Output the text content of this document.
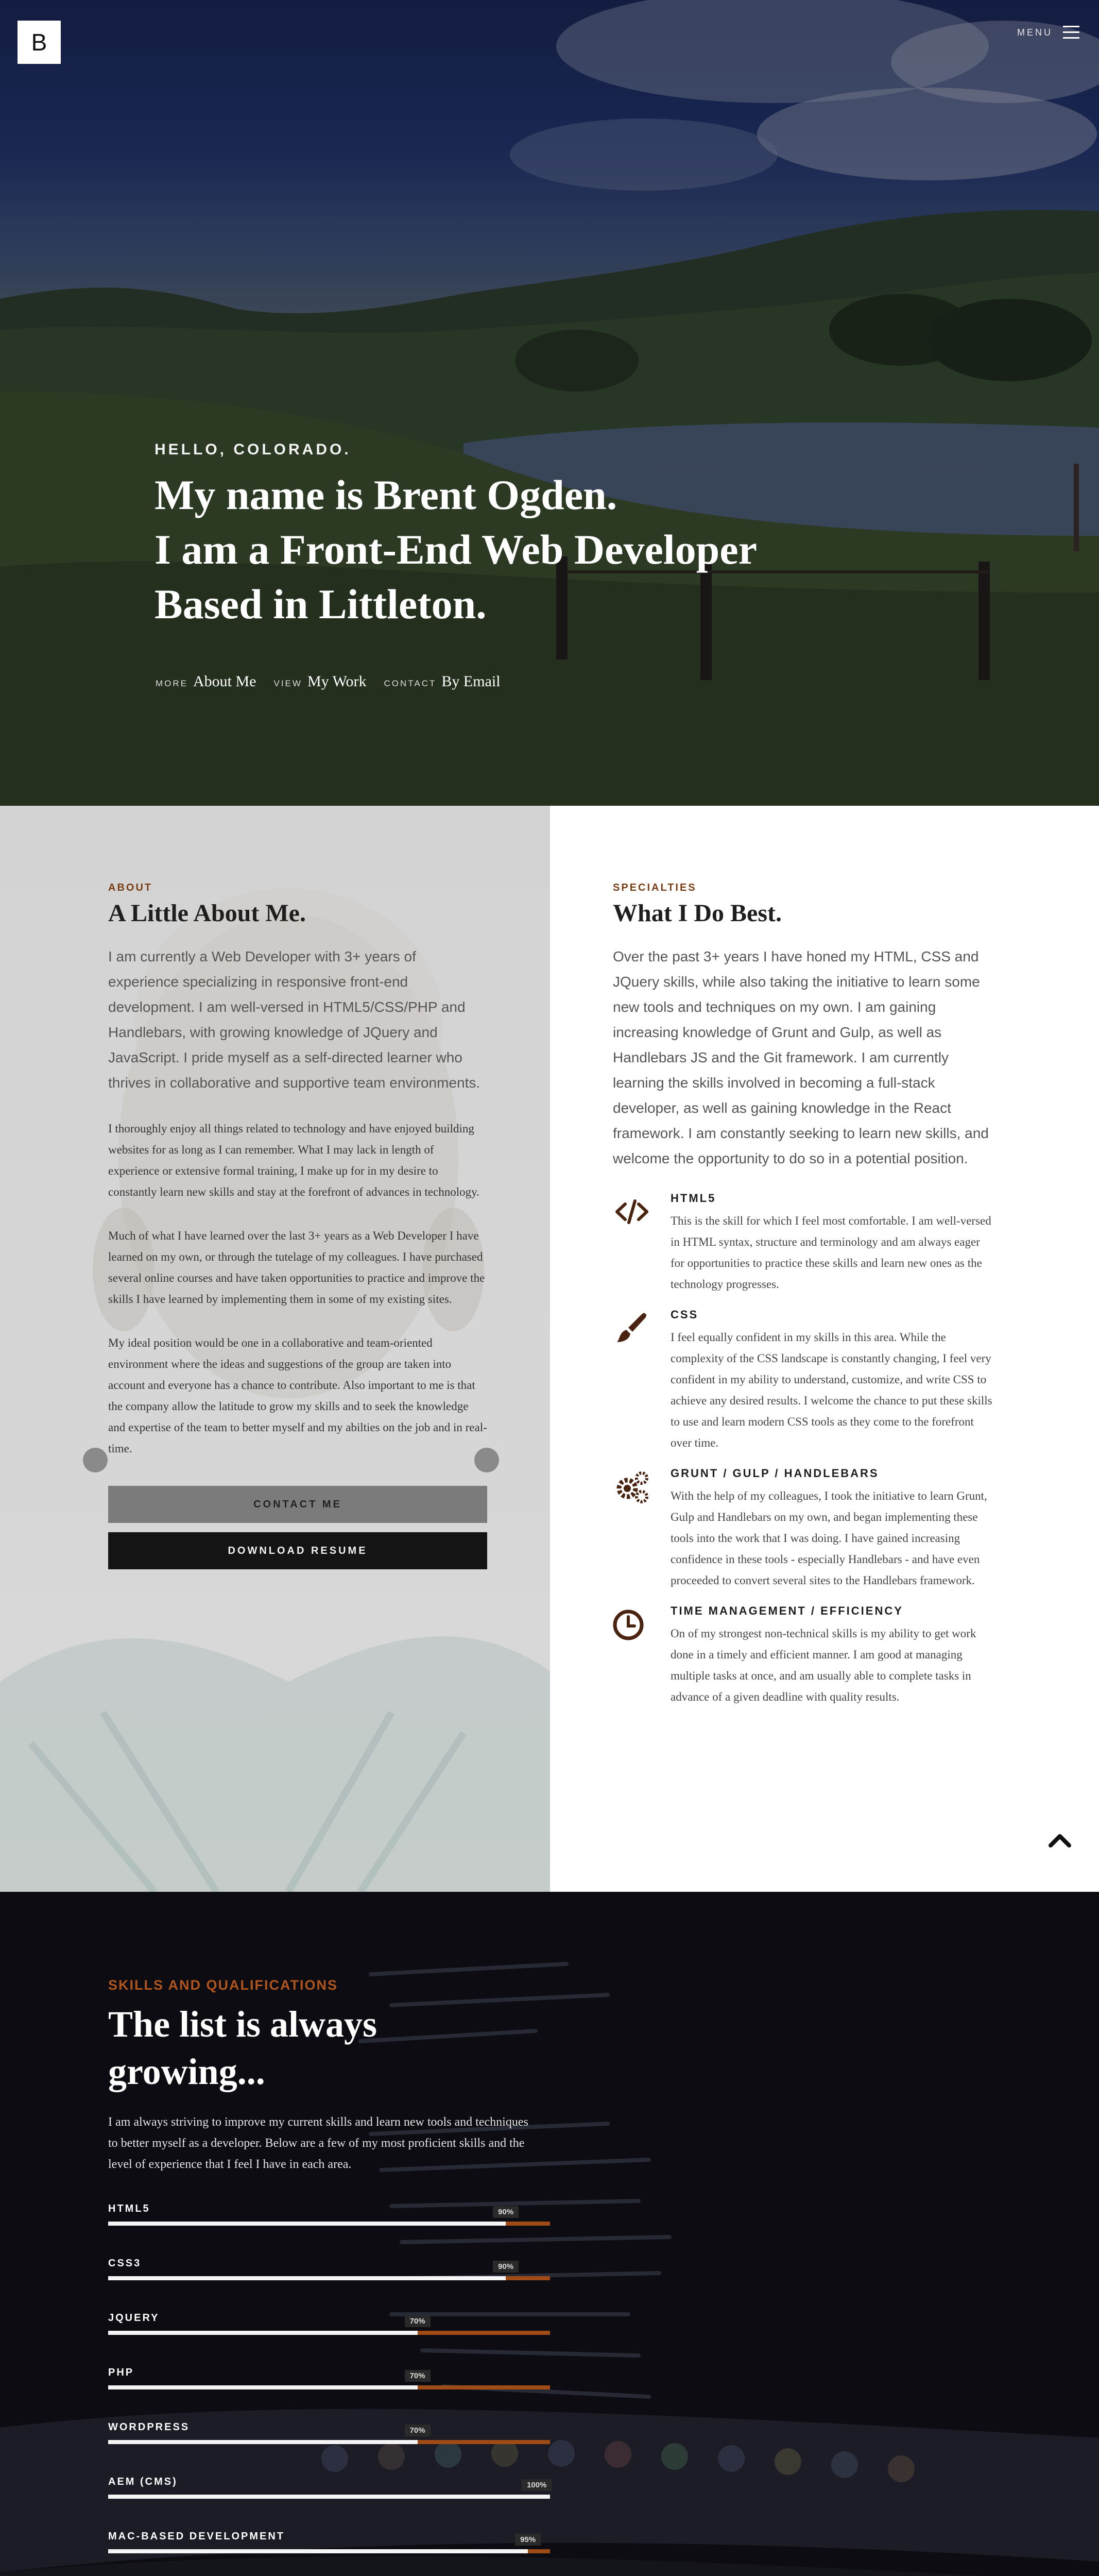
B	MENU
HELLO, COLORADO.
My name is Brent Ogden.
I am a Front-End Web Developer
Based in Littleton.
MORE About Me VIEW My Work CONTACT By Email
ABOUT
A Little About Me.

I am currently a Web Developer with 3+ years of experience specializing in responsive front-end development. I am well-versed in HTML5/CSS/PHP and Handlebars, with growing knowledge of JQuery and JavaScript. I pride myself as a self-directed learner who thrives in collaborative and supportive team environments.

I thoroughly enjoy all things related to technology and have enjoyed building websites for as long as I can remember. What I may lack in length of experience or extensive formal training, I make up for in my desire to constantly learn new skills and stay at the forefront of advances in technology.

Much of what I have learned over the last 3+ years as a Web Developer I have learned on my own, or through the tutelage of my colleagues. I have purchased several online courses and have taken opportunities to practice and improve the skills I have learned by implementing them in some of my existing sites.

My ideal position would be one in a collaborative and team-oriented environment where the ideas and suggestions of the group are taken into account and everyone has a chance to contribute. Also important to me is that the company allow the latitude to grow my skills and to seek the knowledge and expertise of the team to better myself and my abilties on the job and in real-time.

CONTACT ME
DOWNLOAD RESUME
SPECIALTIES
What I Do Best.

Over the past 3+ years I have honed my HTML, CSS and JQuery skills, while also taking the initiative to learn some new tools and techniques on my own. I am gaining increasing knowledge of Grunt and Gulp, as well as Handlebars JS and the Git framework. I am currently learning the skills involved in becoming a full-stack developer, as well as gaining knowledge in the React framework. I am constantly seeking to learn new skills, and welcome the opportunity to do so in a potential position.

HTML5

This is the skill for which I feel most comfortable. I am well-versed in HTML syntax, structure and terminology and am always eager for opportunities to practice these skills and learn new ones as the technology progresses.

CSS

I feel equally confident in my skills in this area. While the complexity of the CSS landscape is constantly changing, I feel very confident in my ability to understand, customize, and write CSS to achieve any desired results. I welcome the chance to put these skills to use and learn modern CSS tools as they come to the forefront over time.

GRUNT / GULP / HANDLEBARS

With the help of my colleagues, I took the initiative to learn Grunt, Gulp and Handlebars on my own, and began implementing these tools into the work that I was doing. I have gained increasing confidence in these tools - especially Handlebars - and have even proceeded to convert several sites to the Handlebars framework.

TIME MANAGEMENT / EFFICIENCY

On of my strongest non-technical skills is my ability to get work done in a timely and efficient manner. I am good at managing multiple tasks at once, and am usually able to complete tasks in advance of a given deadline with quality results.

SKILLS AND QUALIFICATIONS
The list is always growing...

I am always striving to improve my current skills and learn new tools and techniques to better myself as a developer. Below are a few of my most proficient skills and the level of experience that I feel I have in each area.

HTML5	90%
CSS3	90%
JQUERY	70%
PHP	70%
WORDPRESS	70%
AEM (CMS)	100%
MAC-BASED DEVELOPMENT	95%
